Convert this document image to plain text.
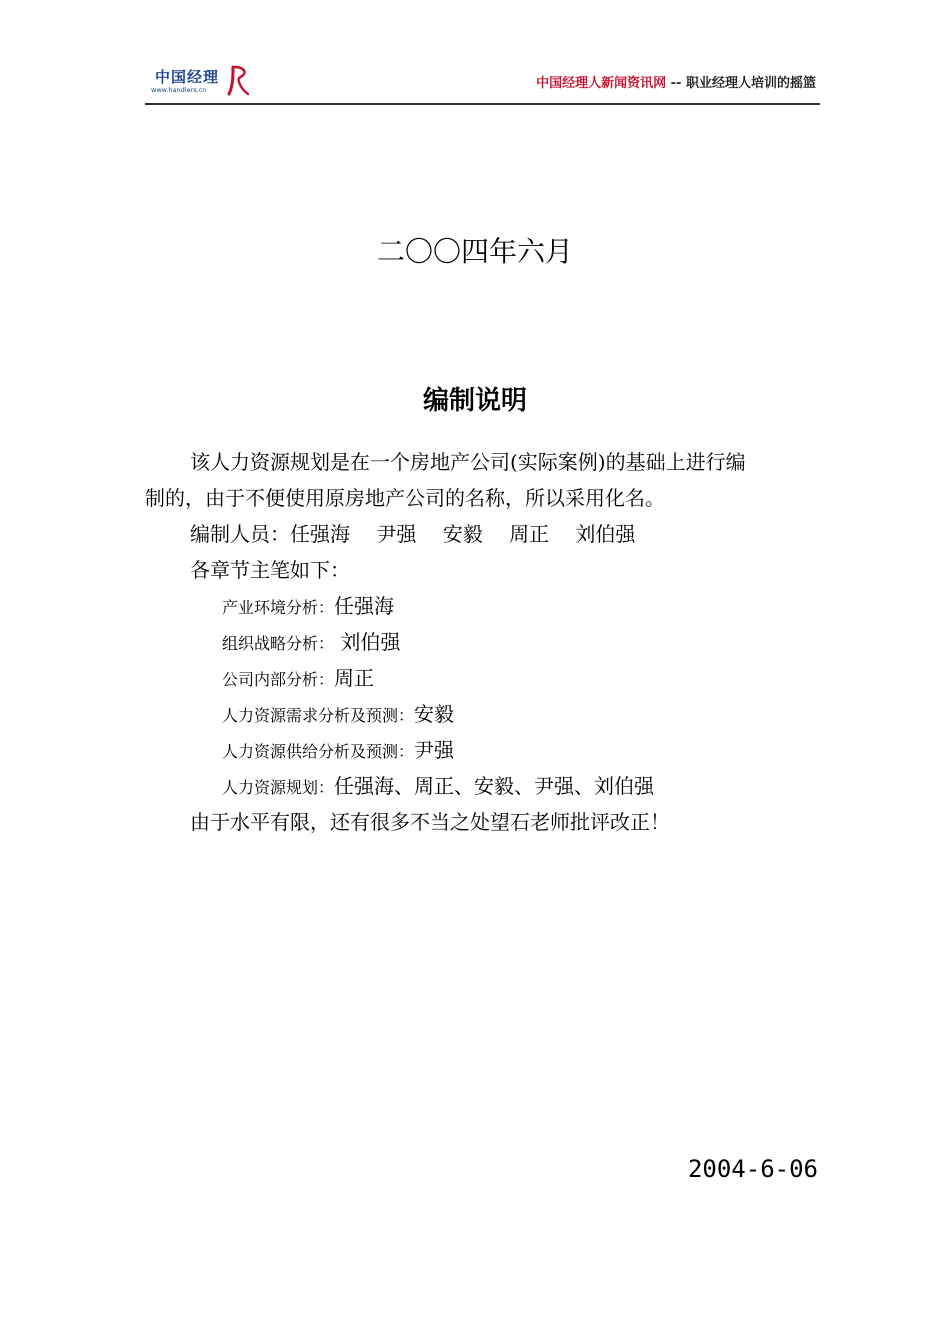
中国经理
www.handlers.cn	中国经理人新闻资讯网 -- 职业经理人培训的摇篮
二〇〇四年六月
编制说明
该人力资源规划是在一个房地产公司(实际案例)的基础上进行编
制的，由于不便使用原房地产公司的名称，所以采用化名。
编制人员：任强海　 尹强　 安毅　 周正　 刘伯强
各章节主笔如下：
产业环境分析：任强海
组织战略分析： 刘伯强
公司内部分析：周正
人力资源需求分析及预测：安毅
人力资源供给分析及预测：尹强
人力资源规划：任强海、周正、安毅、尹强、刘伯强
由于水平有限，还有很多不当之处望石老师批评改正！
2004-6-06
